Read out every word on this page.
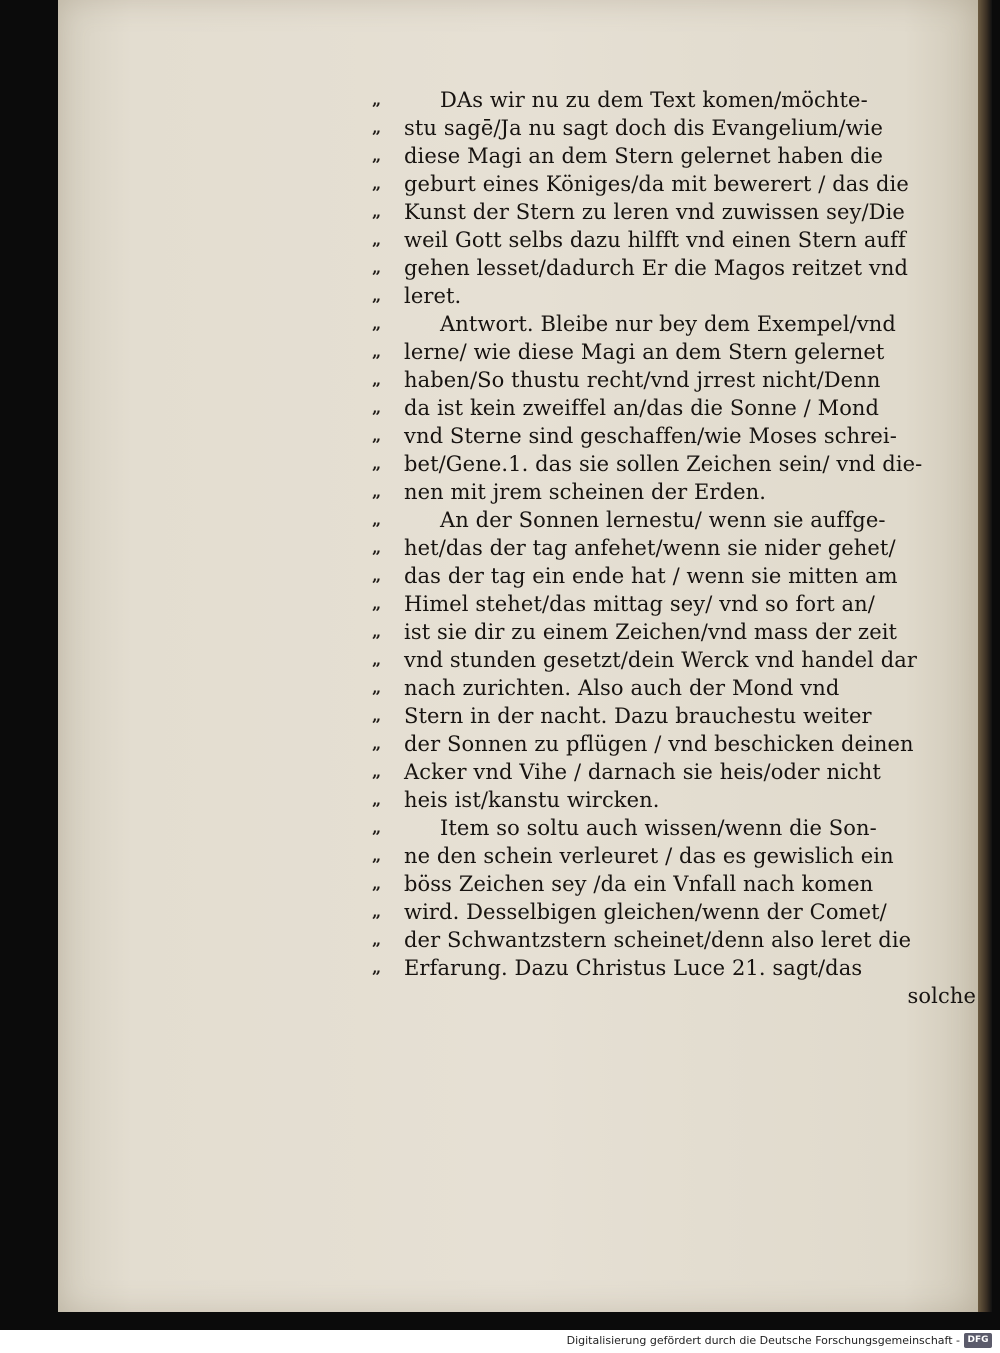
„	DAs wir nu zu dem Text komen/möchte-
„ stu sagē/Ja nu sagt doch dis Evangelium/wie
„ diese Magi an dem Stern gelernet haben die
„ geburt eines Königes/da mit bewerert / das die
„ Kunst der Stern zu leren vnd zuwissen sey/Die
„ weil Gott selbs dazu hilfft vnd einen Stern auff
„ gehen lesset/dadurch Er die Magos reitzet vnd
„ leret.
„	Antwort. Bleibe nur bey dem Exempel/vnd
„ lerne/ wie diese Magi an dem Stern gelernet
„ haben/So thustu recht/vnd jrrest nicht/Denn
„ da ist kein zweiffel an/das die Sonne / Mond
„ vnd Sterne sind geschaffen/wie Moses schrei-
„ bet/Gene.1. das sie sollen Zeichen sein/ vnd die-
„ nen mit jrem scheinen der Erden.
„	An der Sonnen lernestu/ wenn sie auffge-
„ het/das der tag anfehet/wenn sie nider gehet/
„ das der tag ein ende hat / wenn sie mitten am
„ Himel stehet/das mittag sey/ vnd so fort an/
„ ist sie dir zu einem Zeichen/vnd mass der zeit
„ vnd stunden gesetzt/dein Werck vnd handel dar
„ nach zurichten. Also auch der Mond vnd
„ Stern in der nacht. Dazu brauchestu weiter
„ der Sonnen zu pflügen / vnd beschicken deinen
„ Acker vnd Vihe / darnach sie heis/oder nicht
„ heis ist/kanstu wircken.
„	Item so soltu auch wissen/wenn die Son-
„ ne den schein verleuret / das es gewislich ein
„ böss Zeichen sey /da ein Vnfall nach komen
„ wird. Desselbigen gleichen/wenn der Comet/
„ der Schwantzstern scheinet/denn also leret die
„ Erfarung. Dazu Christus Luce 21. sagt/das
solche
Digitalisierung gefördert durch die Deutsche Forschungsgemeinschaft - DFG
